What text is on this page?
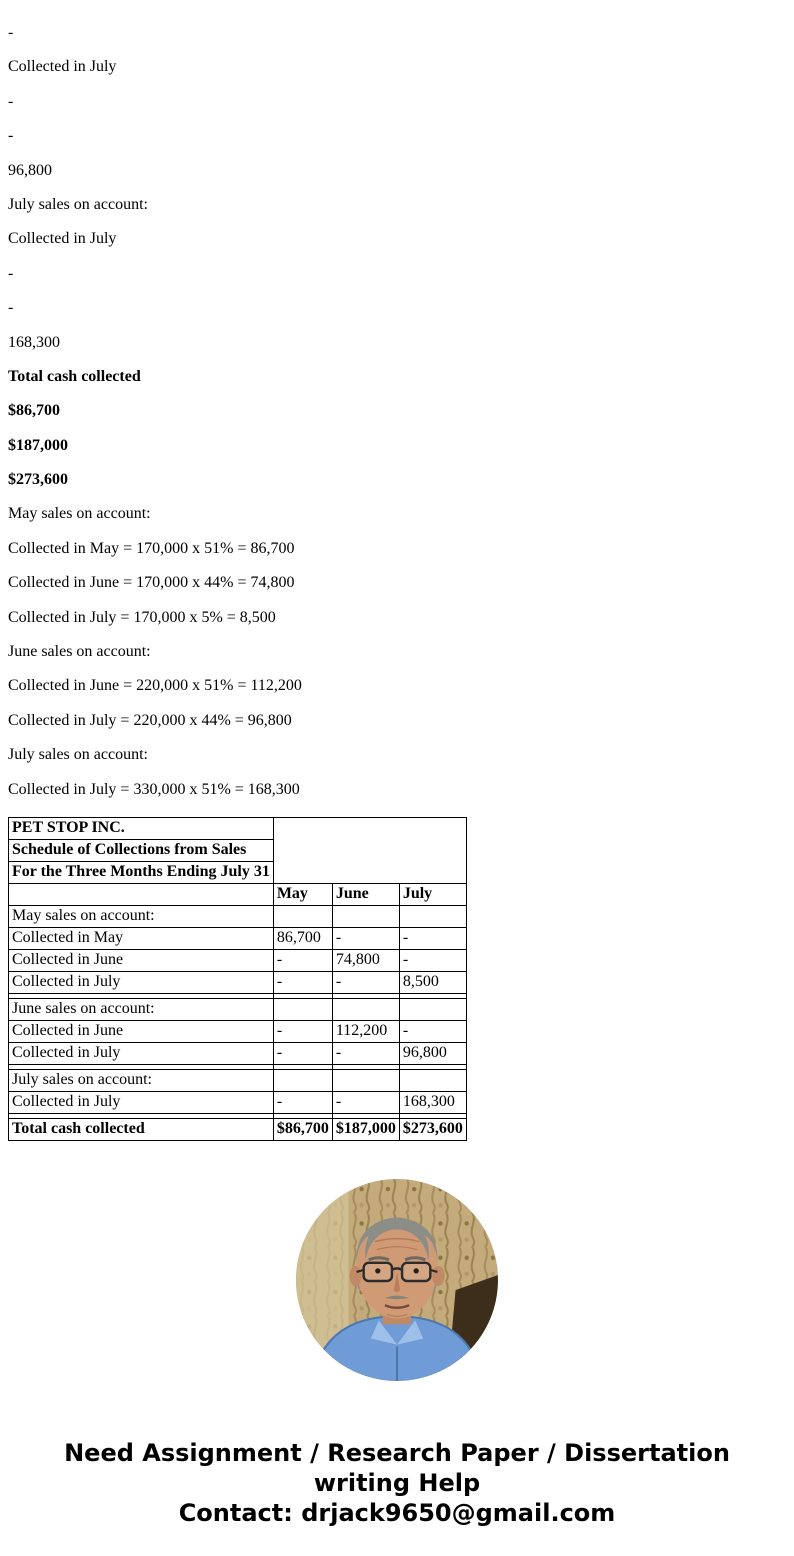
-

Collected in July

-

-

96,800

July sales on account:

Collected in July

-

-

168,300

Total cash collected

$86,700

$187,000

$273,600

May sales on account:

Collected in May = 170,000 x 51% = 86,700

Collected in June = 170,000 x 44% = 74,800

Collected in July = 170,000 x 5% = 8,500

June sales on account:

Collected in June = 220,000 x 51% = 112,200

Collected in July = 220,000 x 44% = 96,800

July sales on account:

Collected in July = 330,000 x 51% = 168,300

PET STOP INC.			
Schedule of Collections from Sales			
For the Three Months Ending July 31			
	May	June	July
May sales on account:			
Collected in May	86,700	-	-
Collected in June	-	74,800	-
Collected in July	-	-	8,500

June sales on account:			
Collected in June	-	112,200	-
Collected in July	-	-	96,800

July sales on account:			
Collected in July	-	-	168,300

Total cash collected	$86,700	$187,000	$273,600
Need Assignment / Research Paper / Dissertation writing Help
Contact: drjack9650@gmail.com
